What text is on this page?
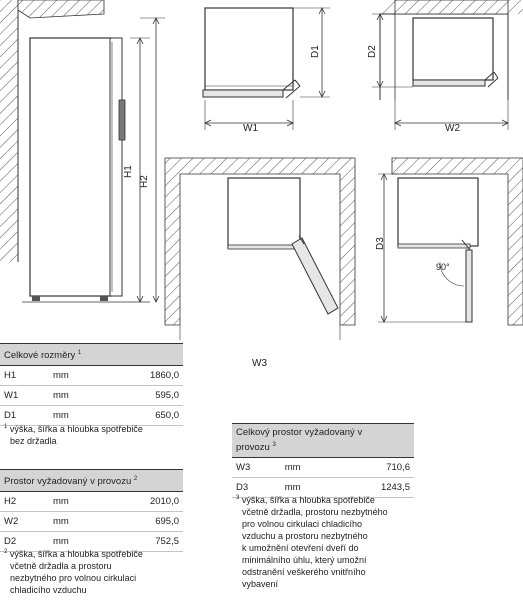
H1
H2
D1
W1
D2
W2
D3
90°
W3
Celkové rozměry $^1$
H1	mm	1860,0
W1	mm	595,0
D1	mm	650,0
$^1$ výška, šířka a hloubka spotřebiče
bez držadla
Prostor vyžadovaný v provozu $^2$
H2	mm	2010,0
W2	mm	695,0
D2	mm	752,5
$^2$ výška, šířka a hloubka spotřebiče
včetně držadla a prostoru
nezbytného pro volnou cirkulaci
chladicího vzduchu
Celkový prostor vyžadovaný v
provozu $^3$
W3	mm	710,6
D3	mm	1243,5
$^3$ výška, šířka a hloubka spotřebiče
včetně držadla, prostoru nezbytného
pro volnou cirkulaci chladicího
vzduchu a prostoru nezbytného
k umožnění otevření dveří do
minimálního úhlu, který umožní
odstranění veškerého vnitřního
vybavení
